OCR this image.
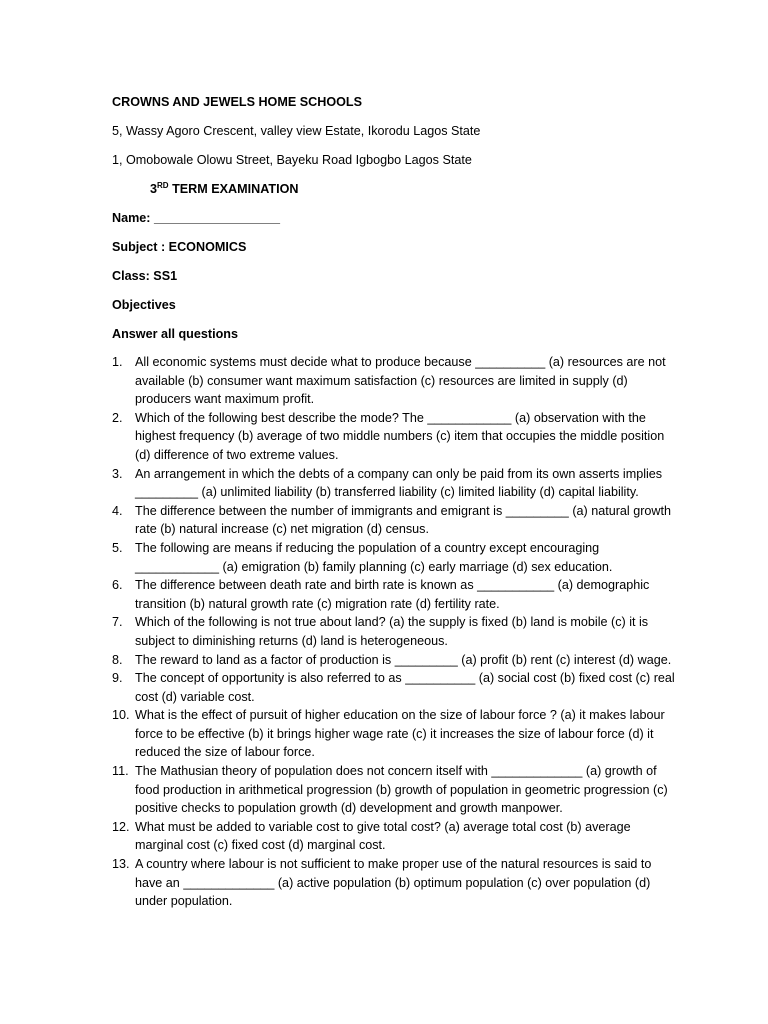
CROWNS AND JEWELS HOME SCHOOLS
5, Wassy Agoro Crescent, valley view Estate, Ikorodu Lagos State
1, Omobowale Olowu Street, Bayeku Road Igbogbo Lagos State
3RD TERM EXAMINATION
Name: __________________
Subject : ECONOMICS
Class: SS1
Objectives
Answer all questions
1. All economic systems must decide what to produce because __________ (a) resources are not available (b) consumer want maximum satisfaction (c) resources are limited in supply (d) producers want maximum profit.
2. Which of the following best describe the mode? The ____________ (a) observation with the highest frequency (b) average of two middle numbers (c) item that occupies the middle position (d) difference of two extreme values.
3. An arrangement in which the debts of a company can only be paid from its own asserts implies _________ (a) unlimited liability (b) transferred liability (c) limited liability (d) capital liability.
4. The difference between the number of immigrants and emigrant is _________ (a) natural growth rate (b) natural increase (c) net migration (d) census.
5. The following are means if reducing the population of a country except encouraging ____________ (a) emigration (b) family planning (c) early marriage (d) sex education.
6. The difference between death rate and birth rate is known as ___________ (a) demographic transition (b) natural growth rate (c) migration rate (d) fertility rate.
7. Which of the following is not true about land? (a) the supply is fixed (b) land is mobile (c) it is subject to diminishing returns (d) land is heterogeneous.
8. The reward to land as a factor of production is _________ (a) profit (b) rent (c) interest (d) wage.
9. The concept of opportunity is also referred to as __________ (a) social cost (b) fixed cost (c) real cost (d) variable cost.
10. What is the effect of pursuit of higher education on the size of labour force ? (a) it makes labour force to be effective (b) it brings higher wage rate (c) it increases the size of labour force (d) it reduced the size of labour force.
11. The Mathusian theory of population does not concern itself with _____________ (a) growth of food production in arithmetical progression (b) growth of population in geometric progression (c) positive checks to population growth (d) development and growth manpower.
12. What must be added to variable cost to give total cost? (a) average total cost (b) average marginal cost (c) fixed cost (d) marginal cost.
13. A country where labour is not sufficient to make proper use of the natural resources is said to have an _____________ (a) active population (b) optimum population (c) over population (d) under population.
